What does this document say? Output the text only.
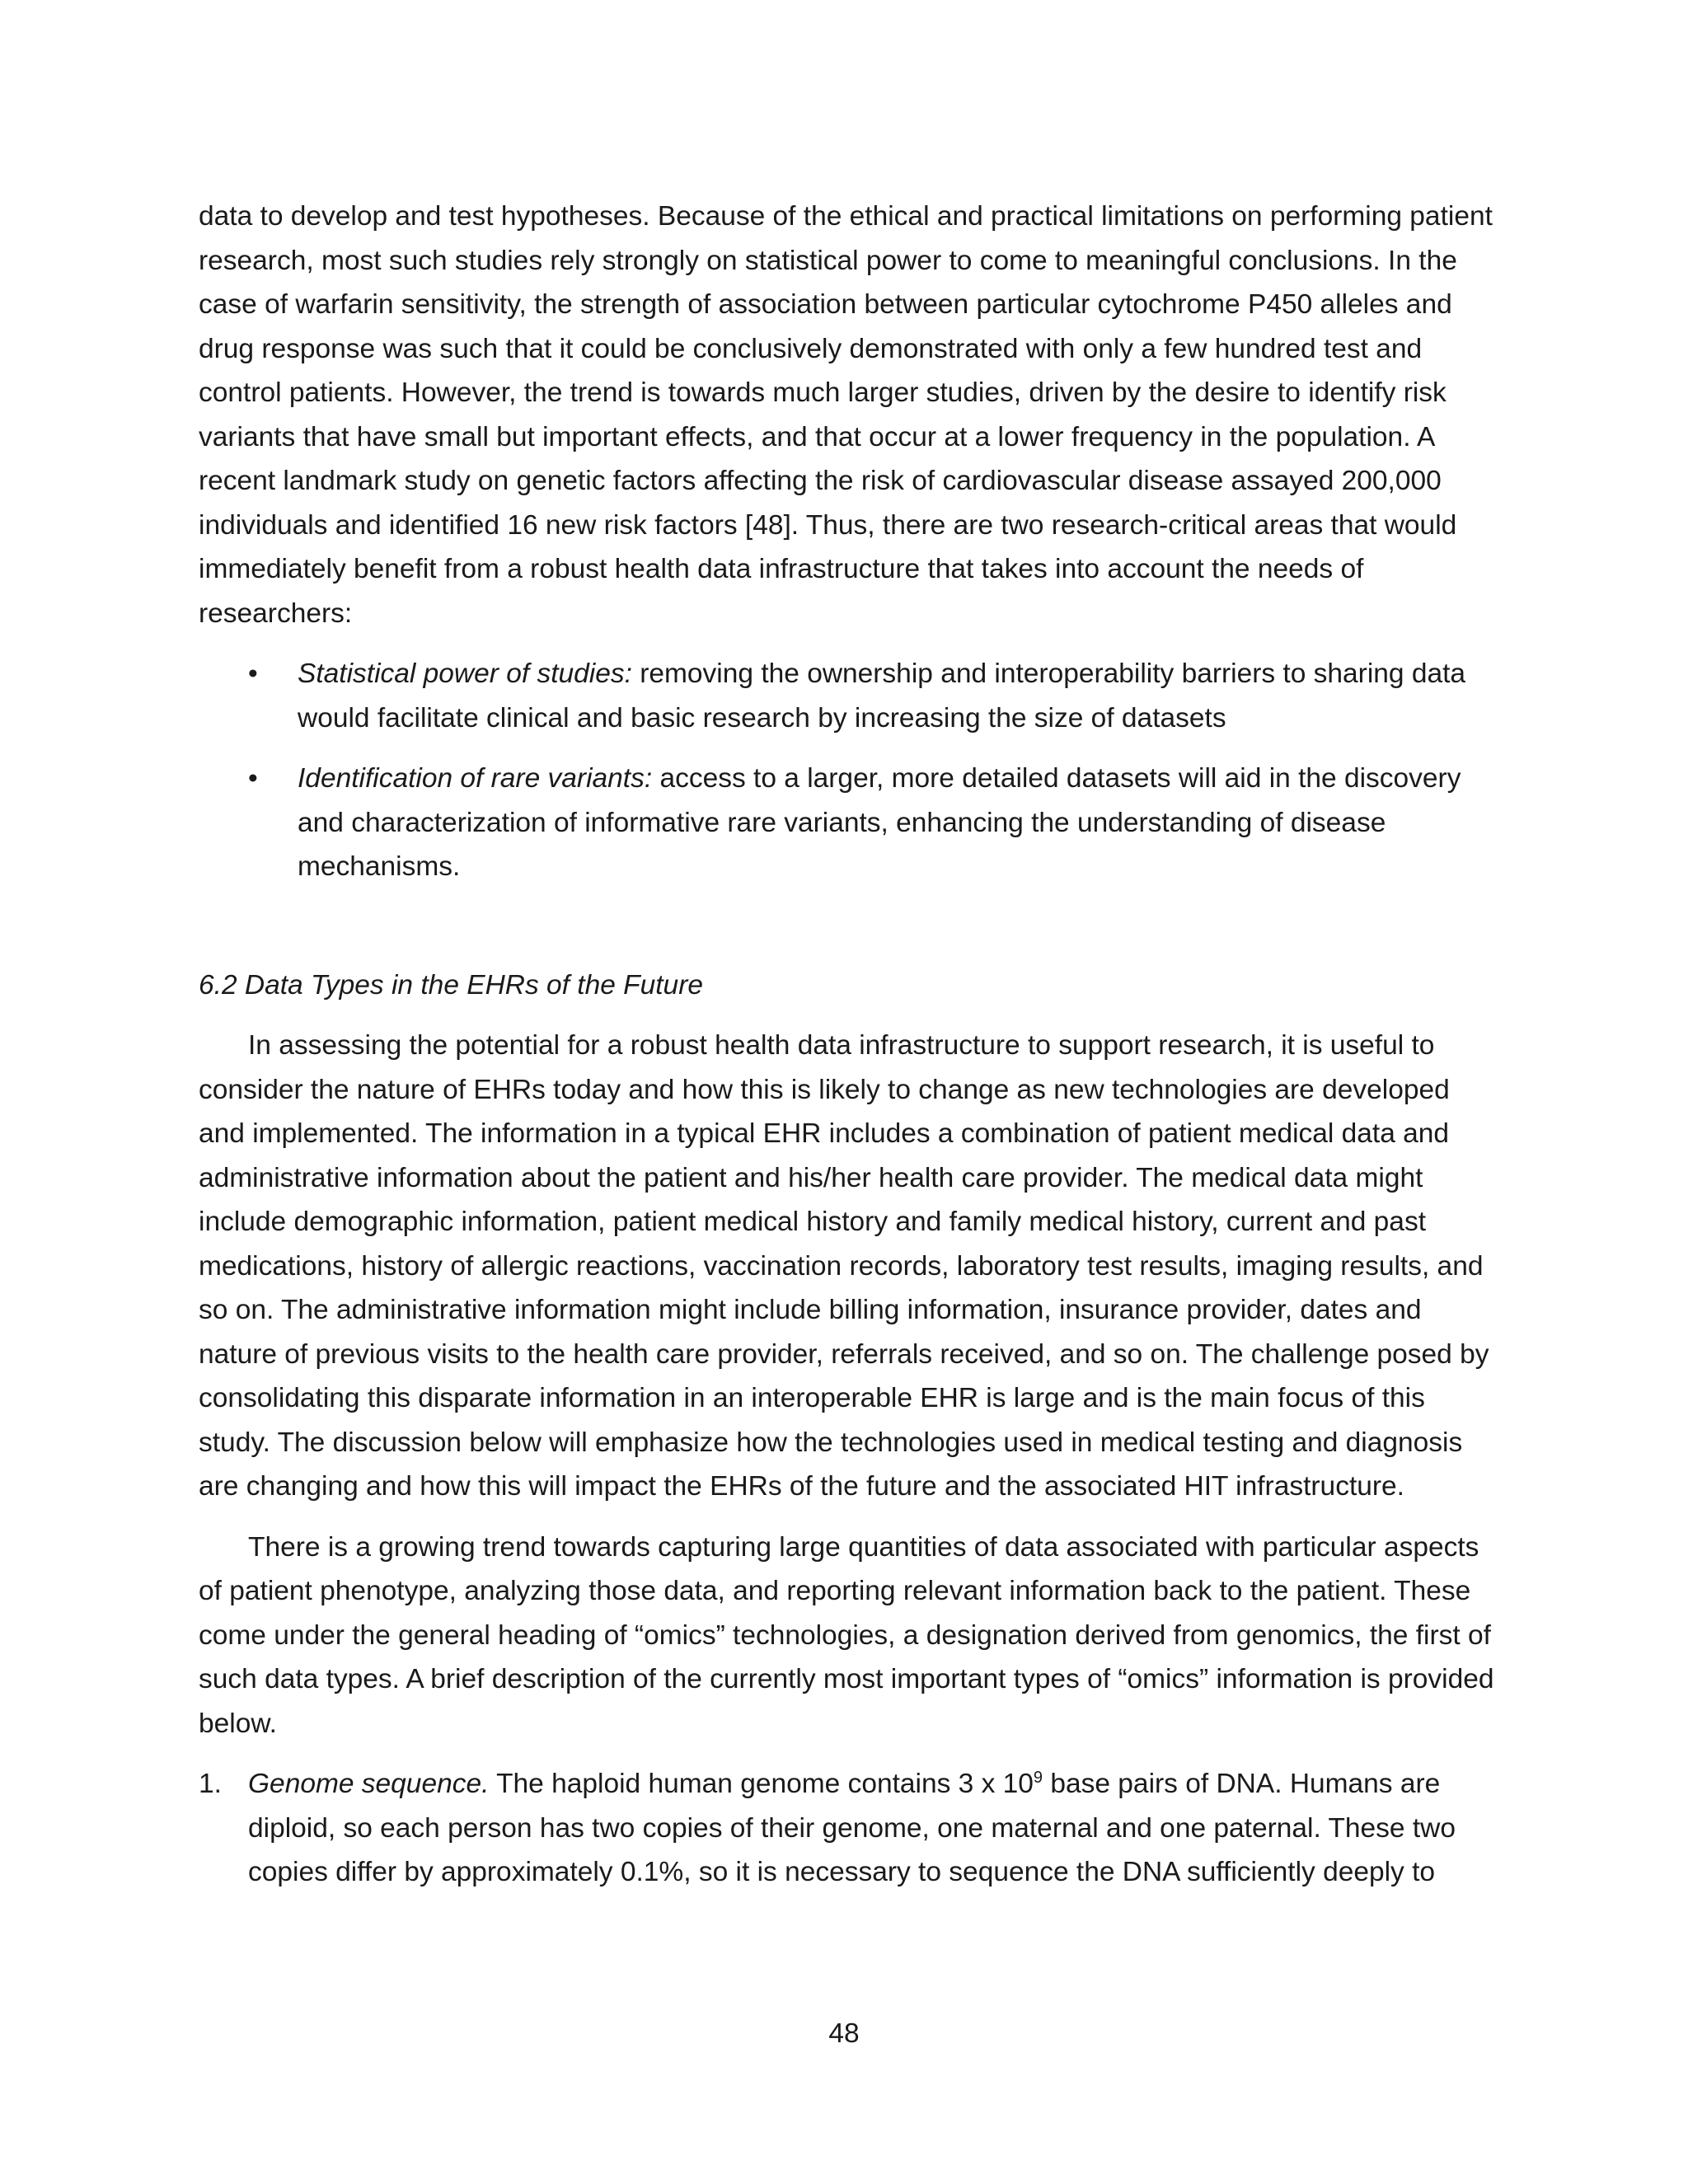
data to develop and test hypotheses. Because of the ethical and practical limitations on performing patient research, most such studies rely strongly on statistical power to come to meaningful conclusions. In the case of warfarin sensitivity, the strength of association between particular cytochrome P450 alleles and drug response was such that it could be conclusively demonstrated with only a few hundred test and control patients. However, the trend is towards much larger studies, driven by the desire to identify risk variants that have small but important effects, and that occur at a lower frequency in the population. A recent landmark study on genetic factors affecting the risk of cardiovascular disease assayed 200,000 individuals and identified 16 new risk factors [48]. Thus, there are two research-critical areas that would immediately benefit from a robust health data infrastructure that takes into account the needs of researchers:

• Statistical power of studies: removing the ownership and interoperability barriers to sharing data would facilitate clinical and basic research by increasing the size of datasets
• Identification of rare variants: access to a larger, more detailed datasets will aid in the discovery and characterization of informative rare variants, enhancing the understanding of disease mechanisms.

6.2 Data Types in the EHRs of the Future

In assessing the potential for a robust health data infrastructure to support research, it is useful to consider the nature of EHRs today and how this is likely to change as new technologies are developed and implemented. The information in a typical EHR includes a combination of patient medical data and administrative information about the patient and his/her health care provider. The medical data might include demographic information, patient medical history and family medical history, current and past medications, history of allergic reactions, vaccination records, laboratory test results, imaging results, and so on. The administrative information might include billing information, insurance provider, dates and nature of previous visits to the health care provider, referrals received, and so on. The challenge posed by consolidating this disparate information in an interoperable EHR is large and is the main focus of this study. The discussion below will emphasize how the technologies used in medical testing and diagnosis are changing and how this will impact the EHRs of the future and the associated HIT infrastructure.

There is a growing trend towards capturing large quantities of data associated with particular aspects of patient phenotype, analyzing those data, and reporting relevant information back to the patient. These come under the general heading of “omics” technologies, a designation derived from genomics, the first of such data types. A brief description of the currently most important types of “omics” information is provided below.

1. Genome sequence. The haploid human genome contains 3 x $10^9$ base pairs of DNA. Humans are diploid, so each person has two copies of their genome, one maternal and one paternal. These two copies differ by approximately 0.1%, so it is necessary to sequence the DNA sufficiently deeply to
48
